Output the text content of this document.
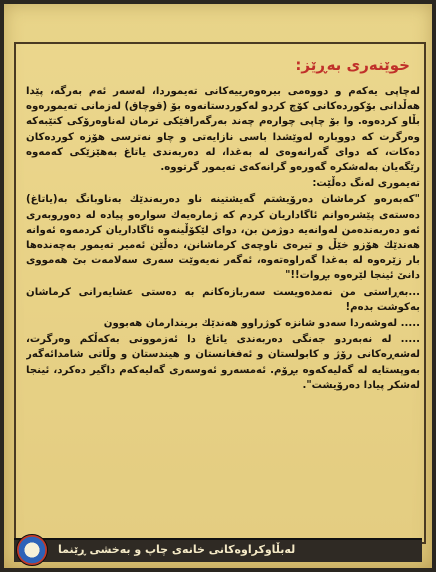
خوێنەری بەڕێز:

لەچاپی یەکەم و دووەمی بیرەوەرییەکانی تەیموردا، لەسەر ئەم بەرگە، پێدا هەڵدانی بۆکوردەکانی کۆچ کردو لەکوردستانەوە بۆ (قوچاق) لەزمانی تەیمورەوە بڵاو کردەوە. وا بۆ چاپی چوارەم چەند بەرگەرافێکی ترمان لەناوەرۆکی کتێبەکە وەرگرت کە دووبارە لەوێشدا باسی نازایەتی و چاو نەترسی هۆزە کوردەکان دەکات، کە دوای گەرانەوەی لە بەغدا، لە دەربەندی یاتاغ بەهێزێکی کەمەوە رێگەیان بەلەشکرە گەورەو گرانەکەی تەیمور گرتووە.

تەیموری لەنگ دەڵێت:

"کەبەرەو کرماشان دەرۆیشتم گەیشتینە ناو دەربەندێك بەناوبانگ بە(یاتاغ) دەستەی پێشرەوانم ئاگاداریان کردم کە ژمارەیەك سوارەو پیادە لە دەوروبەری ئەو دەربەندەمن لەوانەیە دوژمن بن، دوای لێکۆڵینەوە ئاگاداریان کردمەوە ئەوانە هەندێك هۆزو خێڵ و تیرەی ناوچەی کرماشانن، دەڵێن ئەمیر تەیمور بەچەندەها بار زێرەوە لە بەغدا گەراوەتەوە، ئەگەر نەیەوێت سەری سەلامەت بێ هەمووی دانێ ئینجا لێرەوە بڕوات!!"

...بەڕاستی من نەمدەویست سەربازەکانم بە دەستی عشایەرانی کرماشان بەکوشت بدەم!

..... لەوشەردا سەدو شانزە کوژراوو هەندێك بریندارمان هەبوون

..... لە نەبەردو جەنگی دەربەندی یاتاغ دا ئەزموونی بەکەڵکم وەرگرت، لەشەڕەکانی رۆژ و کابولستان و ئەفغانستان و هیندستان و وڵاتی شامدائەگەر بەوپستایە لە گەلیەکەوە بڕۆم. ئەمسەرو ئەوسەری گەلیەکەم داگیر دەکرد، ئینجا لەشکر پیادا دەرۆیشت".

لەبڵاوکراوەکانی خانەی چاپ و بەخشی ڕێنما
